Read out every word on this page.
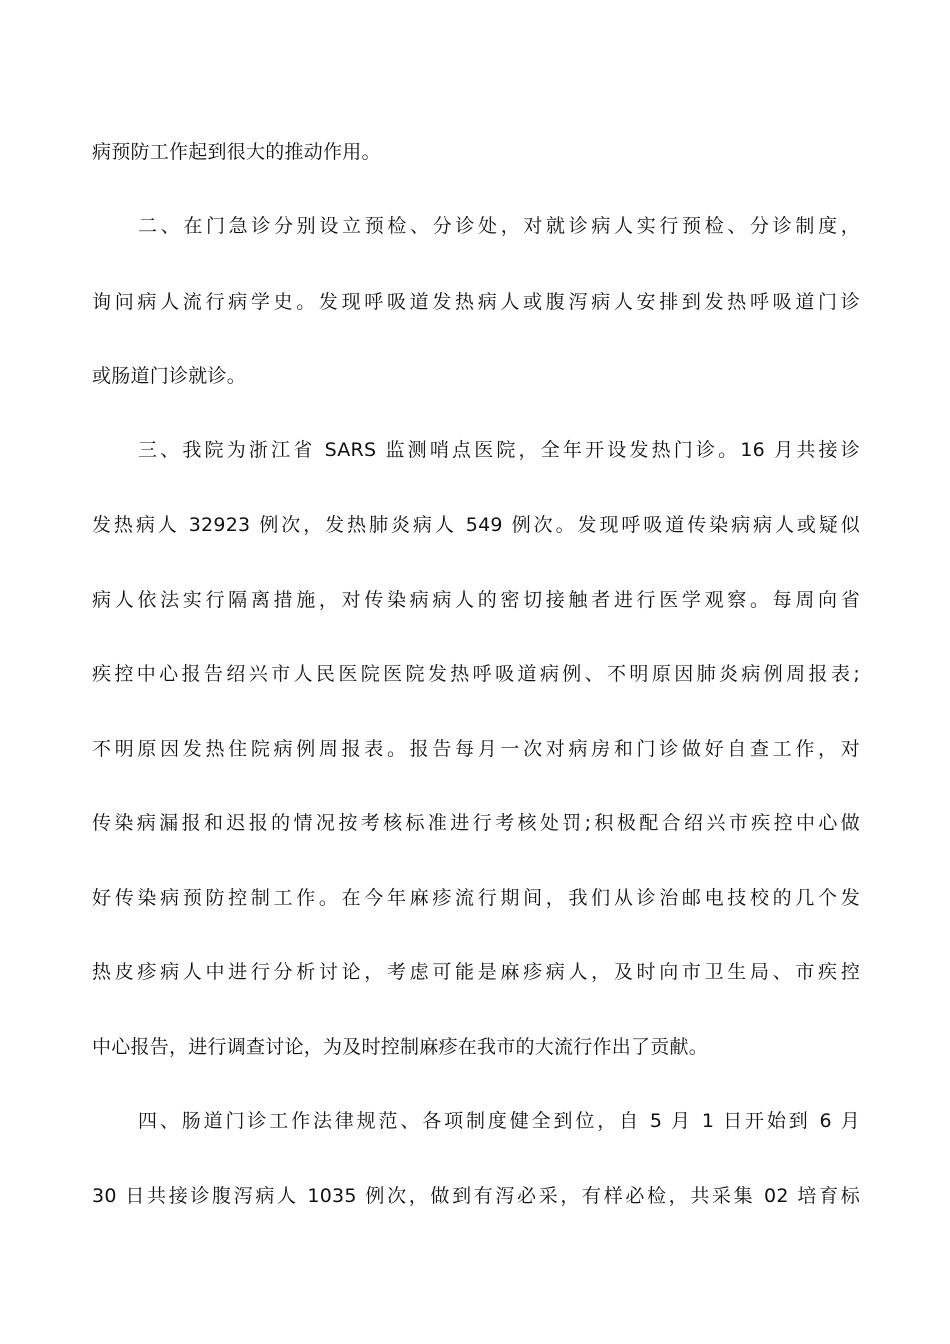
病预防工作起到很大的推动作用。
二、在门急诊分别设立预检、分诊处，对就诊病人实行预检、分诊制度，
询问病人流行病学史。发现呼吸道发热病人或腹泻病人安排到发热呼吸道门诊
或肠道门诊就诊。
三、我院为浙江省 SARS 监测哨点医院，全年开设发热门诊。16 月共接诊
发热病人 32923 例次，发热肺炎病人 549 例次。发现呼吸道传染病病人或疑似
病人依法实行隔离措施，对传染病病人的密切接触者进行医学观察。每周向省
疾控中心报告绍兴市人民医院医院发热呼吸道病例、不明原因肺炎病例周报表;
不明原因发热住院病例周报表。报告每月一次对病房和门诊做好自查工作，对
传染病漏报和迟报的情况按考核标准进行考核处罚;积极配合绍兴市疾控中心做
好传染病预防控制工作。在今年麻疹流行期间，我们从诊治邮电技校的几个发
热皮疹病人中进行分析讨论，考虑可能是麻疹病人，及时向市卫生局、市疾控
中心报告，进行调查讨论，为及时控制麻疹在我市的大流行作出了贡献。
四、肠道门诊工作法律规范、各项制度健全到位，自 5 月 1 日开始到 6 月
30 日共接诊腹泻病人 1035 例次，做到有泻必采，有样必检，共采集 02 培育标
